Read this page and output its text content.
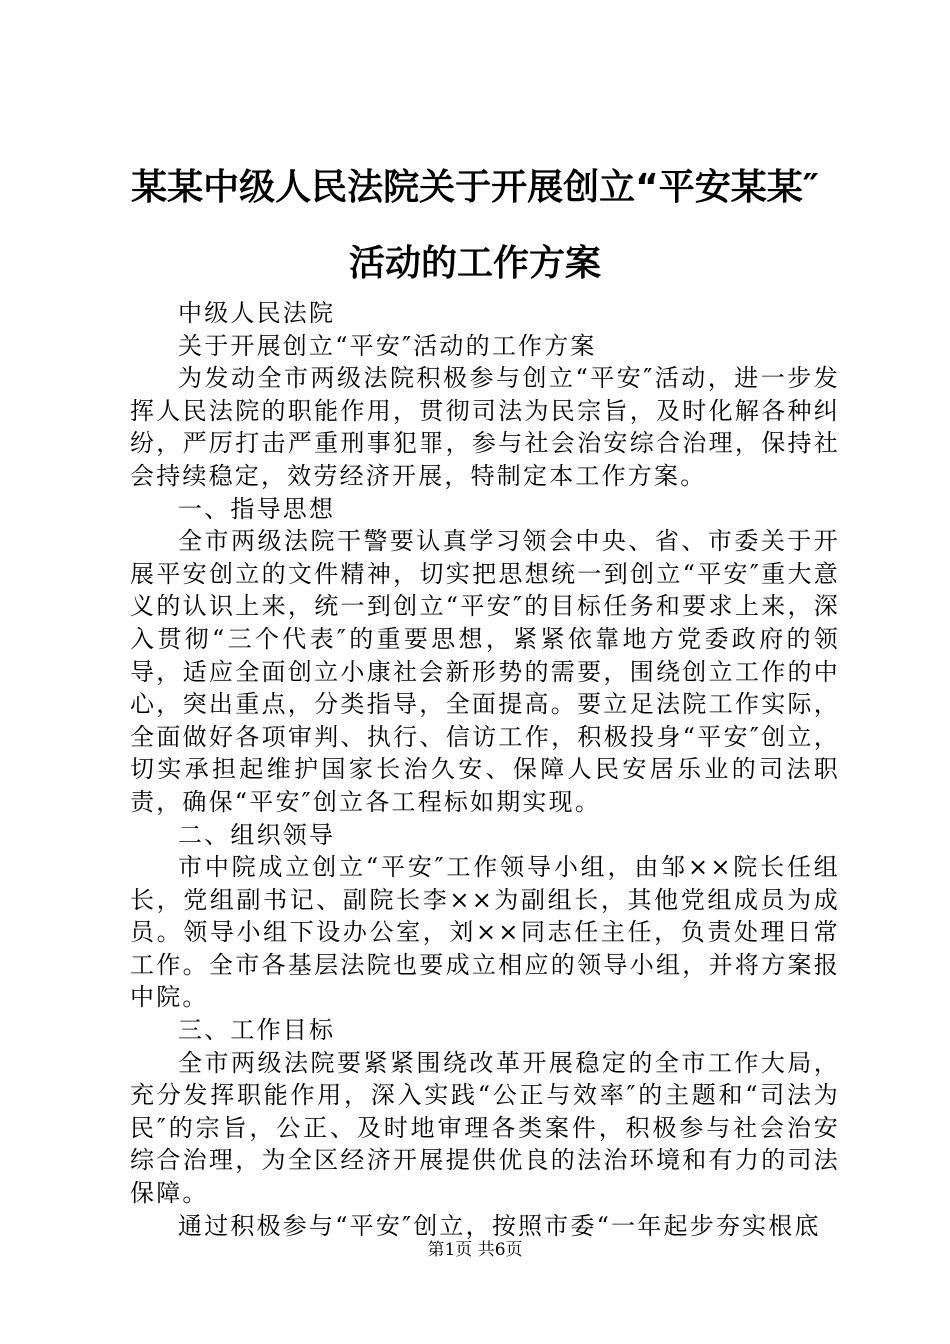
某某中级人民法院关于开展创立“平安某某″
活动的工作方案

中级人民法院

关于开展创立“平安″活动的工作方案

为发动全市两级法院积极参与创立“平安″活动，进一步发挥人民法院的职能作用，贯彻司法为民宗旨，及时化解各种纠纷，严厉打击严重刑事犯罪，参与社会治安综合治理，保持社会持续稳定，效劳经济开展，特制定本工作方案。

一、指导思想

全市两级法院干警要认真学习领会中央、省、市委关于开展平安创立的文件精神，切实把思想统一到创立“平安″重大意义的认识上来，统一到创立“平安″的目标任务和要求上来，深入贯彻“三个代表″的重要思想，紧紧依靠地方党委政府的领导，适应全面创立小康社会新形势的需要，围绕创立工作的中心，突出重点，分类指导，全面提高。要立足法院工作实际，全面做好各项审判、执行、信访工作，积极投身“平安″创立，切实承担起维护国家长治久安、保障人民安居乐业的司法职责，确保“平安″创立各工程标如期实现。

二、组织领导

市中院成立创立“平安″工作领导小组，由邹××院长任组长，党组副书记、副院长李××为副组长，其他党组成员为成员。领导小组下设办公室，刘××同志任主任，负责处理日常工作。全市各基层法院也要成立相应的领导小组，并将方案报中院。

三、工作目标

全市两级法院要紧紧围绕改革开展稳定的全市工作大局，充分发挥职能作用，深入实践“公正与效率″的主题和“司法为民″的宗旨，公正、及时地审理各类案件，积极参与社会治安综合治理，为全区经济开展提供优良的法治环境和有力的司法保障。

通过积极参与“平安″创立，按照市委“一年起步夯实根底

第1页 共6页
